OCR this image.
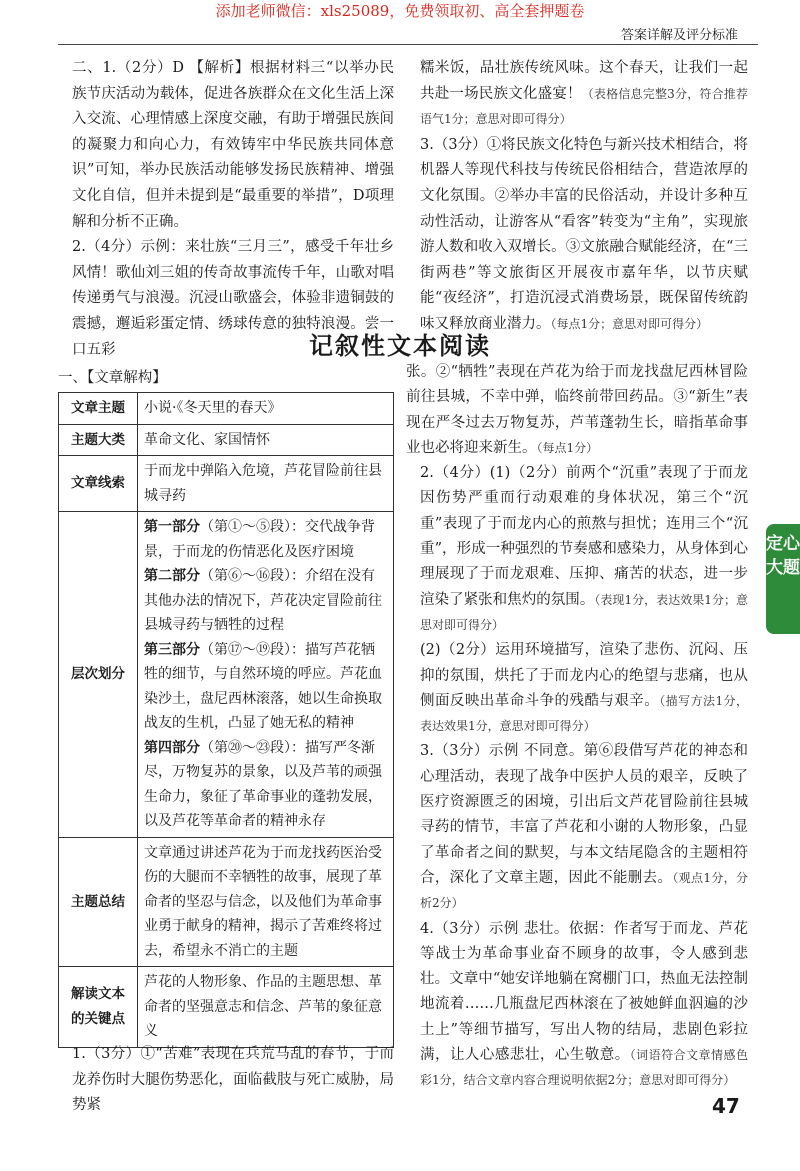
添加老师微信：xls25089，免费领取初、高全套押题卷
答案详解及评分标准

二、1.（2分）D 【解析】根据材料三“以举办民族节庆活动为载体，促进各族群众在文化生活上深入交流、心理情感上深度交融，有助于增强民族间的凝聚力和向心力，有效铸牢中华民族共同体意识”可知，举办民族活动能够发扬民族精神、增强文化自信，但并未提到是“最重要的举措”，D项理解和分析不正确。

2.（4分）示例：来壮族“三月三”，感受千年壮乡风情！歌仙刘三姐的传奇故事流传千年，山歌对唱传递勇气与浪漫。沉浸山歌盛会，体验非遗铜鼓的震撼，邂逅彩蛋定情、绣球传意的独特浪漫。尝一口五彩

糯米饭，品壮族传统风味。这个春天，让我们一起共赴一场民族文化盛宴！（表格信息完整3分，符合推荐语气1分；意思对即可得分）

3.（3分）①将民族文化特色与新兴技术相结合，将机器人等现代科技与传统民俗相结合，营造浓厚的文化氛围。②举办丰富的民俗活动，并设计多种互动性活动，让游客从“看客”转变为“主角”，实现旅游人数和收入双增长。③文旅融合赋能经济，在“三街两巷”等文旅街区开展夜市嘉年华，以节庆赋能“夜经济”，打造沉浸式消费场景，既保留传统韵味又释放商业潜力。（每点1分；意思对即可得分）

记叙性文本阅读
一、【文章解构】
文章主题	小说·《冬天里的春天》
主题大类	革命文化、家国情怀
文章线索	于而龙中弹陷入危境，芦花冒险前往县城寻药
层次划分	第一部分（第①～⑤段）：交代战争背景，于而龙的伤情恶化及医疗困境
第二部分（第⑥～⑯段）：介绍在没有其他办法的情况下，芦花决定冒险前往县城寻药与牺牲的过程
第三部分（第⑰～⑲段）：描写芦花牺牲的细节，与自然环境的呼应。芦花血染沙土，盘尼西林滚落，她以生命换取战友的生机，凸显了她无私的精神
第四部分（第⑳～㉓段）：描写严冬渐尽，万物复苏的景象，以及芦苇的顽强生命力，象征了革命事业的蓬勃发展，以及芦花等革命者的精神永存

主题总结	文章通过讲述芦花为于而龙找药医治受伤的大腿而不幸牺牲的故事，展现了革命者的坚忍与信念，以及他们为革命事业勇于献身的精神，揭示了苦难终将过去，希望永不消亡的主题
解读文本的关键点	芦花的人物形象、作品的主题思想、革命者的坚强意志和信念、芦苇的象征意义

1.（3分）①“苦难”表现在兵荒马乱的春节，于而龙养伤时大腿伤势恶化，面临截肢与死亡威胁，局势紧

张。②“牺牲”表现在芦花为给于而龙找盘尼西林冒险前往县城，不幸中弹，临终前带回药品。③“新生”表现在严冬过去万物复苏，芦苇蓬勃生长，暗指革命事业也必将迎来新生。（每点1分）

2.（4分）(1)（2分）前两个“沉重”表现了于而龙因伤势严重而行动艰难的身体状况，第三个“沉重”表现了于而龙内心的煎熬与担忧；连用三个“沉重”，形成一种强烈的节奏感和感染力，从身体到心理展现了于而龙艰难、压抑、痛苦的状态，进一步渲染了紧张和焦灼的氛围。（表现1分，表达效果1分；意思对即可得分）

(2)（2分）运用环境描写，渲染了悲伤、沉闷、压抑的氛围，烘托了于而龙内心的绝望与悲痛，也从侧面反映出革命斗争的残酷与艰辛。（描写方法1分，表达效果1分，意思对即可得分）

3.（3分）示例 不同意。第⑥段借写芦花的神态和心理活动，表现了战争中医护人员的艰辛，反映了医疗资源匮乏的困境，引出后文芦花冒险前往县城寻药的情节，丰富了芦花和小谢的人物形象，凸显了革命者之间的默契，与本文结尾隐含的主题相符合，深化了文章主题，因此不能删去。（观点1分，分析2分）

4.（3分）示例 悲壮。依据：作者写于而龙、芦花等战士为革命事业奋不顾身的故事，令人感到悲壮。文章中“她安详地躺在窝棚门口，热血无法控制地流着……几瓶盘尼西林滚在了被她鲜血泅遍的沙土上”等细节描写，写出人物的结局，悲剧色彩拉满，让人心感悲壮，心生敬意。（词语符合文章情感色彩1分，结合文章内容合理说明依据2分；意思对即可得分）

定心大题
47
